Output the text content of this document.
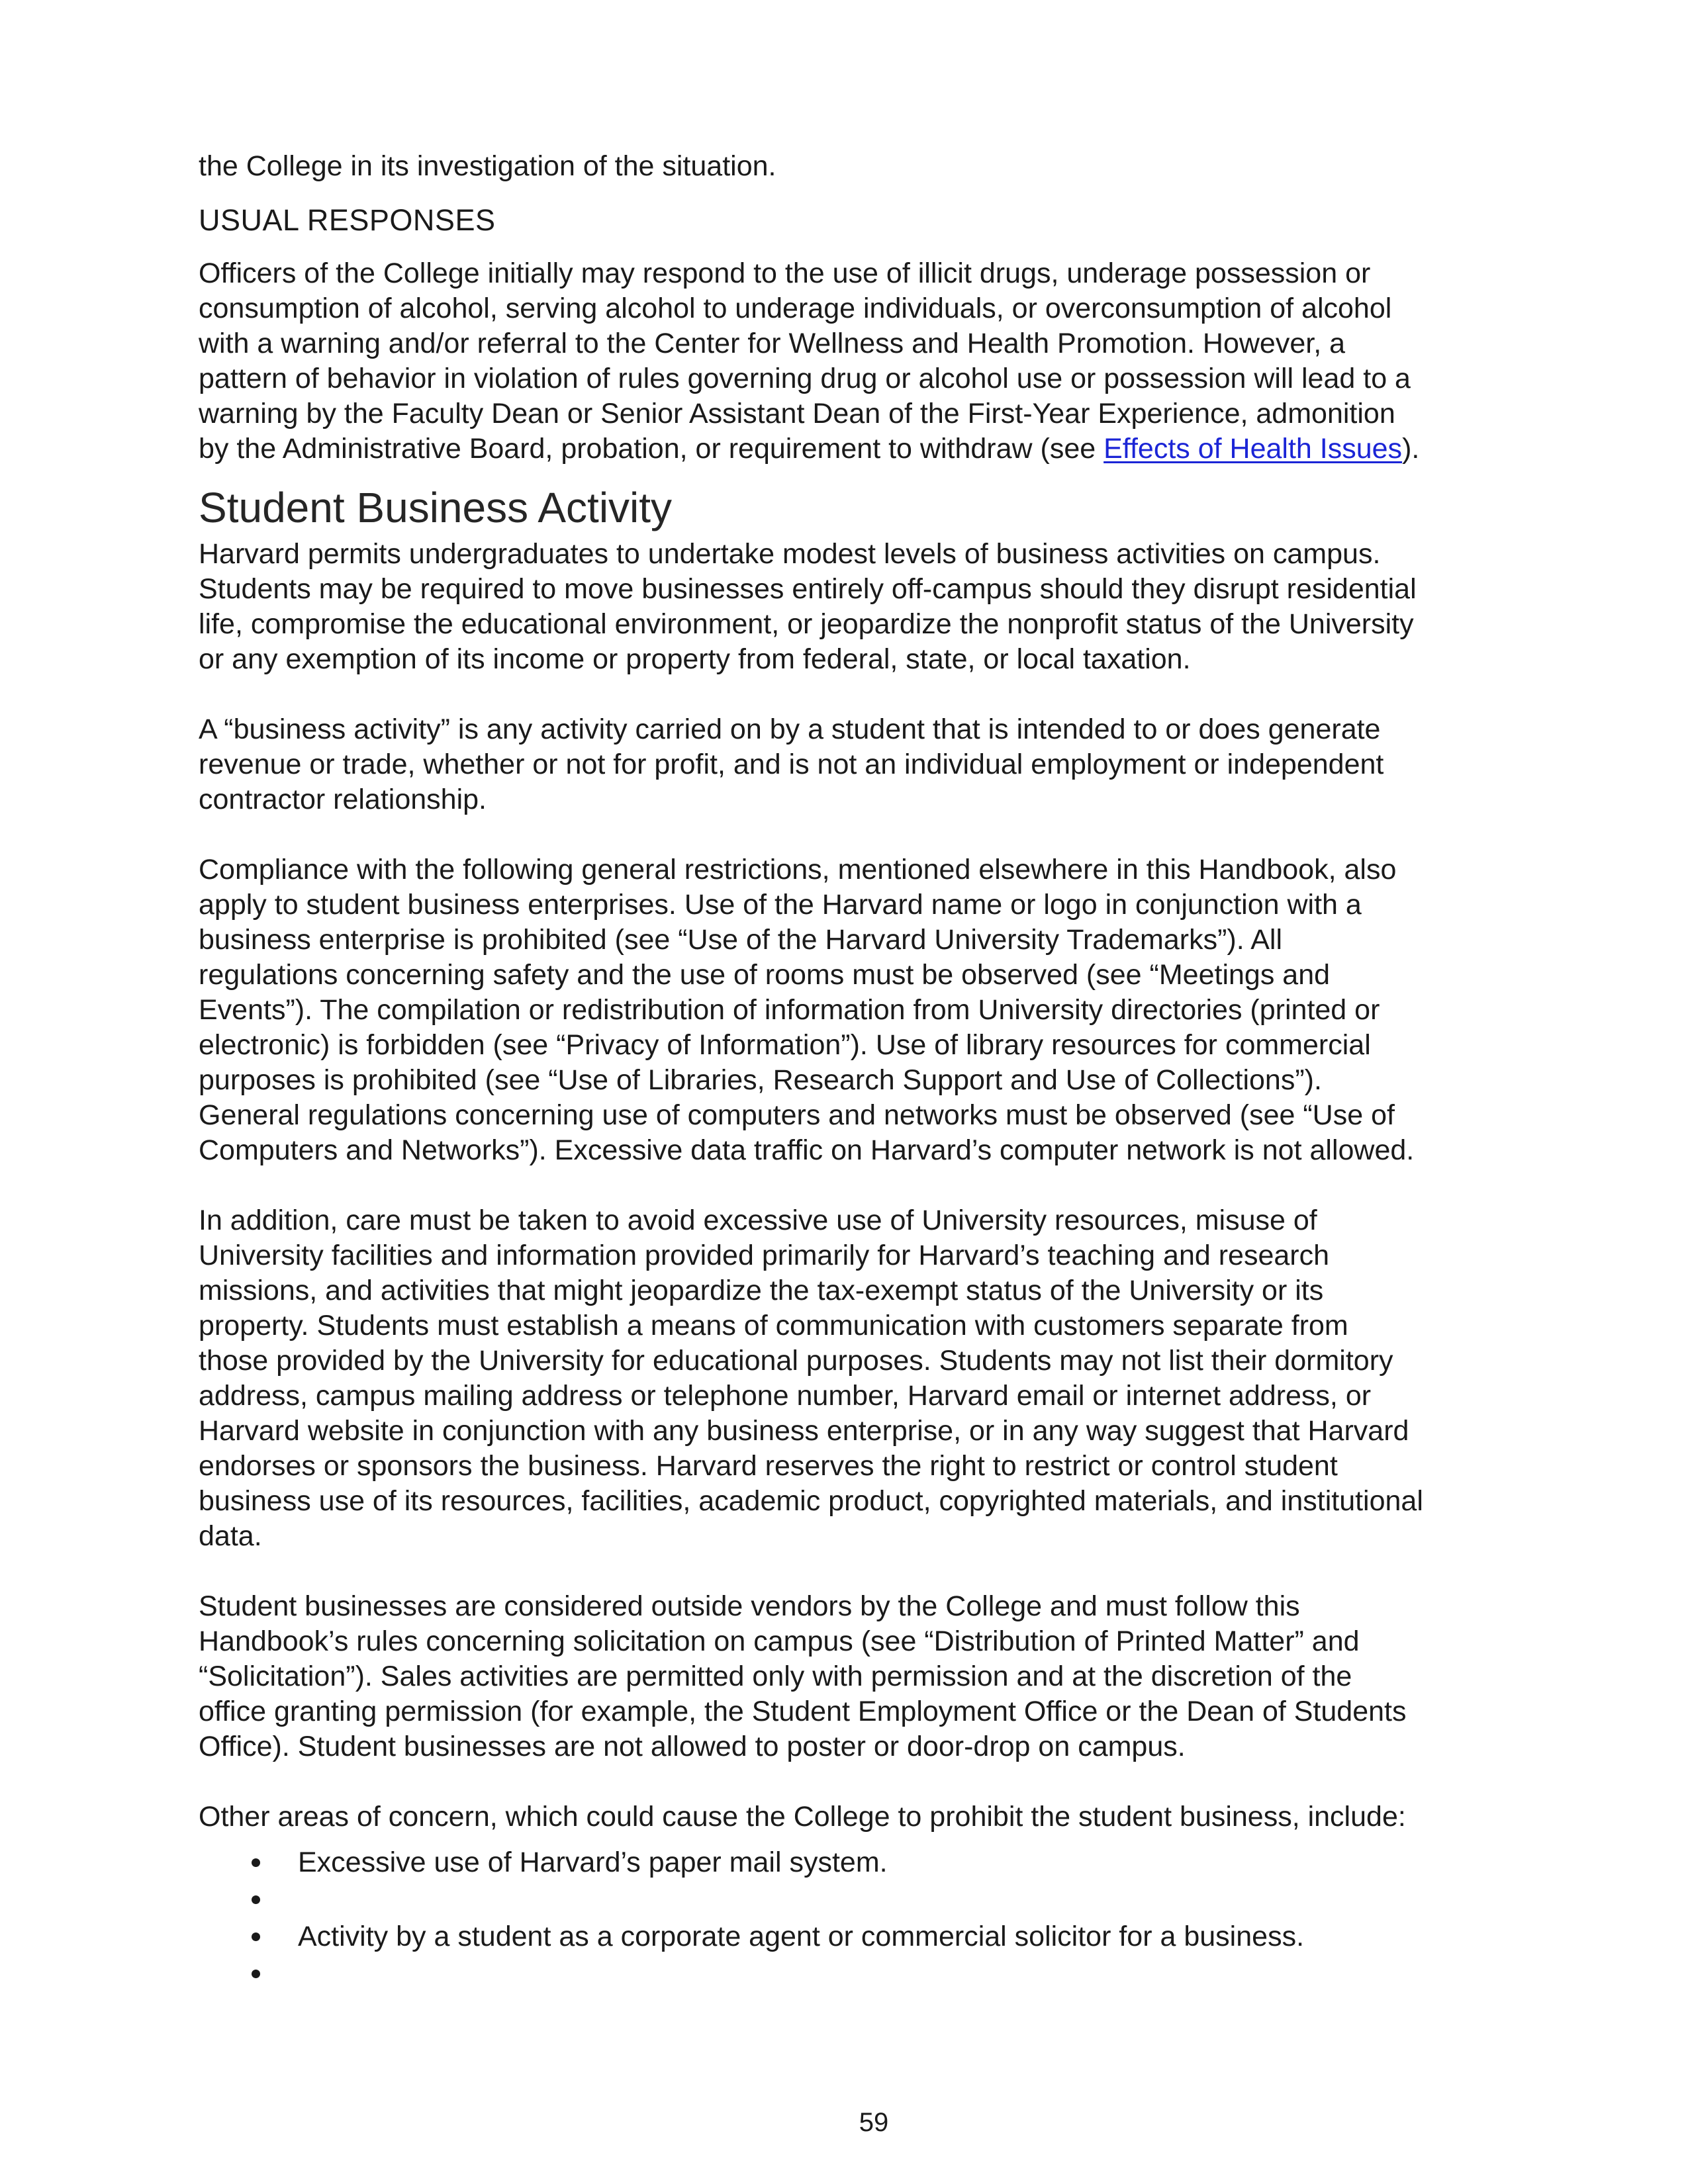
the College in its investigation of the situation.

USUAL RESPONSES

Officers of the College initially may respond to the use of illicit drugs, underage possession or

consumption of alcohol, serving alcohol to underage individuals, or overconsumption of alcohol

with a warning and/or referral to the Center for Wellness and Health Promotion. However, a

pattern of behavior in violation of rules governing drug or alcohol use or possession will lead to a

warning by the Faculty Dean or Senior Assistant Dean of the First-Year Experience, admonition

by the Administrative Board, probation, or requirement to withdraw (see Effects of Health Issues).

Student Business Activity

Harvard permits undergraduates to undertake modest levels of business activities on campus.

Students may be required to move businesses entirely off-campus should they disrupt residential

life, compromise the educational environment, or jeopardize the nonprofit status of the University

or any exemption of its income or property from federal, state, or local taxation.

A “business activity” is any activity carried on by a student that is intended to or does generate

revenue or trade, whether or not for profit, and is not an individual employment or independent

contractor relationship.

Compliance with the following general restrictions, mentioned elsewhere in this Handbook, also

apply to student business enterprises. Use of the Harvard name or logo in conjunction with a

business enterprise is prohibited (see “Use of the Harvard University Trademarks”). All

regulations concerning safety and the use of rooms must be observed (see “Meetings and

Events”). The compilation or redistribution of information from University directories (printed or

electronic) is forbidden (see “Privacy of Information”). Use of library resources for commercial

purposes is prohibited (see “Use of Libraries, Research Support and Use of Collections”).

General regulations concerning use of computers and networks must be observed (see “Use of

Computers and Networks”). Excessive data traffic on Harvard’s computer network is not allowed.

In addition, care must be taken to avoid excessive use of University resources, misuse of

University facilities and information provided primarily for Harvard’s teaching and research

missions, and activities that might jeopardize the tax-exempt status of the University or its

property. Students must establish a means of communication with customers separate from

those provided by the University for educational purposes. Students may not list their dormitory

address, campus mailing address or telephone number, Harvard email or internet address, or

Harvard website in conjunction with any business enterprise, or in any way suggest that Harvard

endorses or sponsors the business. Harvard reserves the right to restrict or control student

business use of its resources, facilities, academic product, copyrighted materials, and institutional

data.

Student businesses are considered outside vendors by the College and must follow this

Handbook’s rules concerning solicitation on campus (see “Distribution of Printed Matter” and

“Solicitation”). Sales activities are permitted only with permission and at the discretion of the

office granting permission (for example, the Student Employment Office or the Dean of Students

Office). Student businesses are not allowed to poster or door-drop on campus.

Other areas of concern, which could cause the College to prohibit the student business, include:

Excessive use of Harvard’s paper mail system.
Activity by a student as a corporate agent or commercial solicitor for a business.
59
